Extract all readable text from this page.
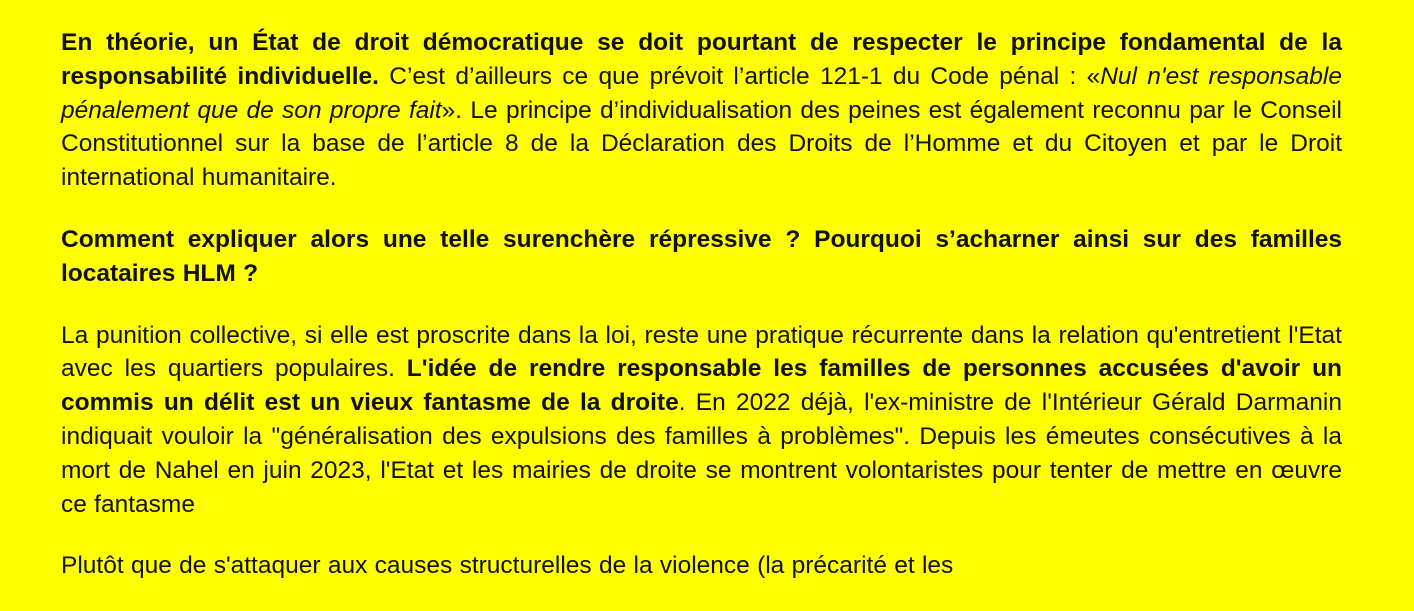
En théorie, un État de droit démocratique se doit pourtant de respecter le principe fondamental de la responsabilité individuelle. C’est d’ailleurs ce que prévoit l’article 121-1 du Code pénal : «Nul n'est responsable pénalement que de son propre fait». Le principe d’individualisation des peines est également reconnu par le Conseil Constitutionnel sur la base de l’article 8 de la Déclaration des Droits de l’Homme et du Citoyen et par le Droit international humanitaire.

Comment expliquer alors une telle surenchère répressive ? Pourquoi s’acharner ainsi sur des familles locataires HLM ?

La punition collective, si elle est proscrite dans la loi, reste une pratique récurrente dans la relation qu'entretient l'Etat avec les quartiers populaires. L'idée de rendre responsable les familles de personnes accusées d'avoir un commis un délit est un vieux fantasme de la droite. En 2022 déjà, l'ex-ministre de l'Intérieur Gérald Darmanin indiquait vouloir la "généralisation des expulsions des familles à problèmes". Depuis les émeutes consécutives à la mort de Nahel en juin 2023, l'Etat et les mairies de droite se montrent volontaristes pour tenter de mettre en œuvre ce fantasme

Plutôt que de s'attaquer aux causes structurelles de la violence (la précarité et les
